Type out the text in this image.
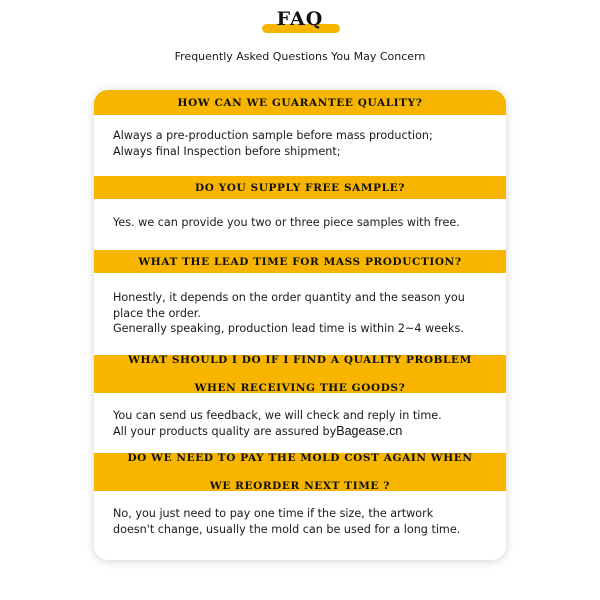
FAQ
Frequently Asked Questions You May Concern
HOW CAN WE GUARANTEE QUALITY?
Always a pre-production sample before mass production;
Always final Inspection before shipment;
DO YOU SUPPLY FREE SAMPLE?
Yes. we can provide you two or three piece samples with free.
WHAT THE LEAD TIME FOR MASS PRODUCTION?
Honestly, it depends on the order quantity and the season you
place the order.
Generally speaking, production lead time is within 2~4 weeks.

WHAT SHOULD I DO IF I FIND A QUALITY PROBLEM

WHEN RECEIVING THE GOODS?

You can send us feedback, we will check and reply in time.
All your products quality are assured byBagease.cn

DO WE NEED TO PAY THE MOLD COST AGAIN WHEN

WE REORDER NEXT TIME ?

No, you just need to pay one time if the size, the artwork
doesn't change, usually the mold can be used for a long time.
